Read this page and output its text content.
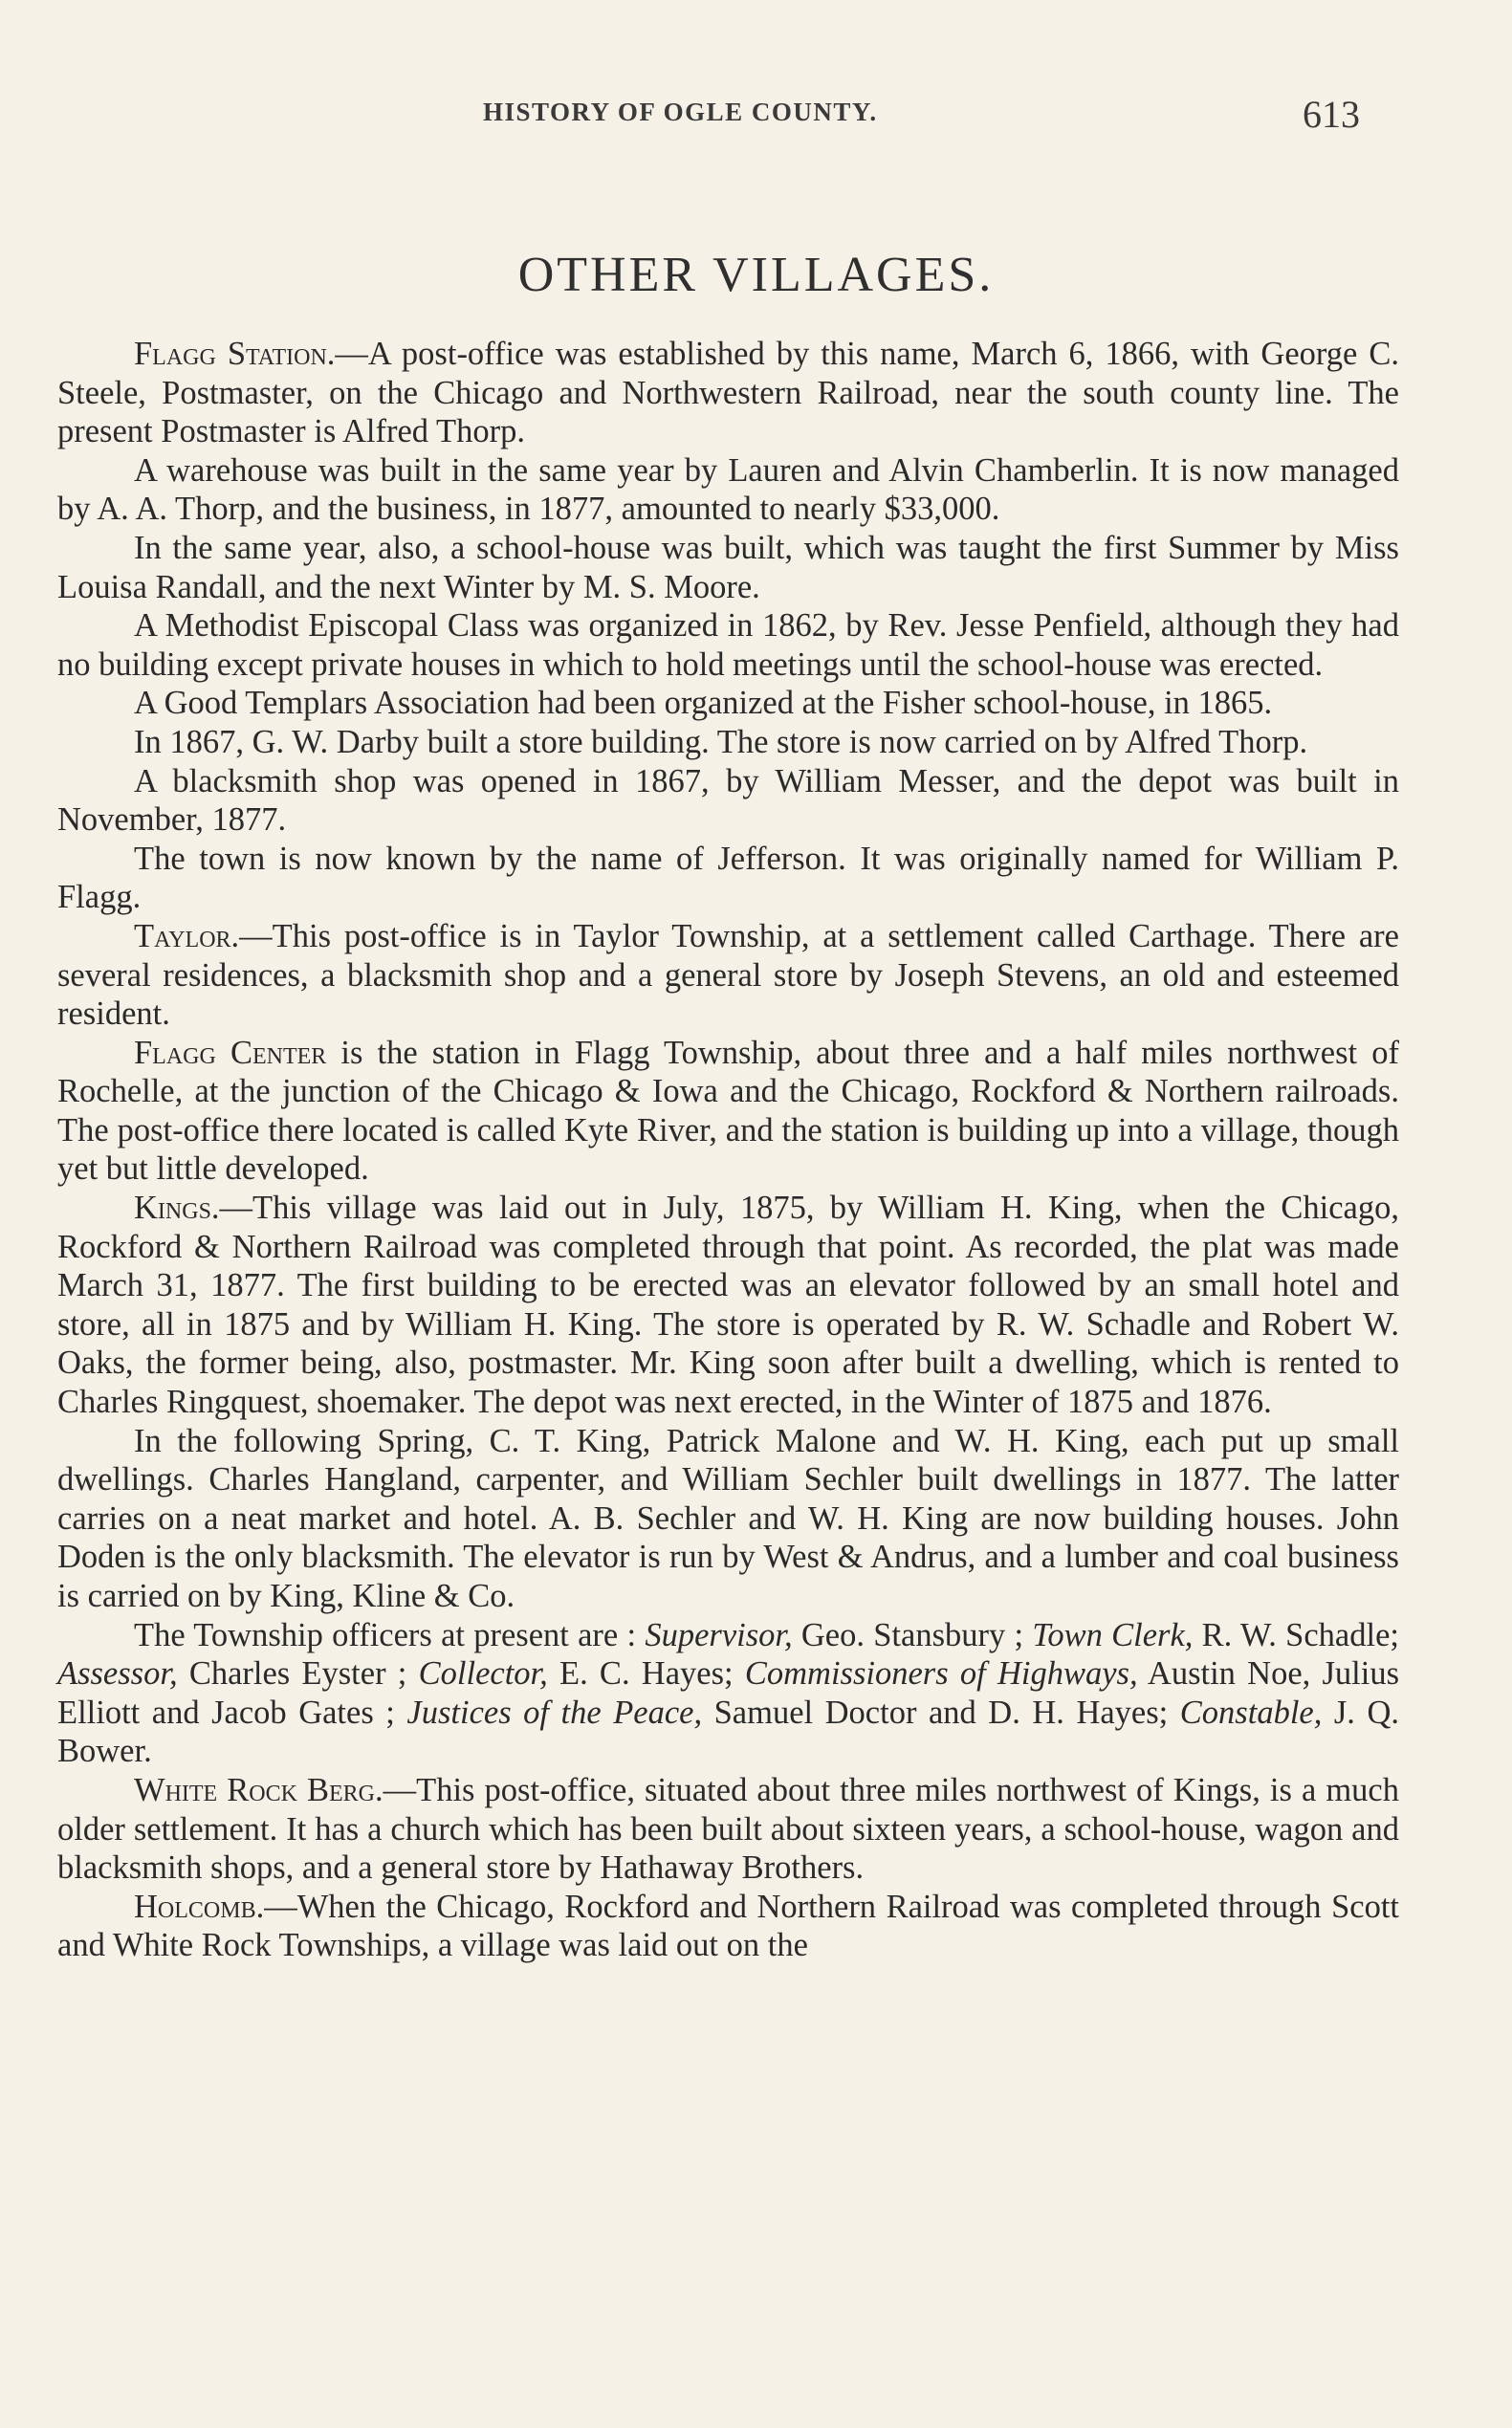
HISTORY OF OGLE COUNTY.	613
OTHER VILLAGES.

Flagg Station.—A post-office was established by this name, March 6, 1866, with George C. Steele, Postmaster, on the Chicago and Northwestern Railroad, near the south county line. The present Postmaster is Alfred Thorp.

A warehouse was built in the same year by Lauren and Alvin Chamberlin. It is now managed by A. A. Thorp, and the business, in 1877, amounted to nearly $33,000.

In the same year, also, a school-house was built, which was taught the first Summer by Miss Louisa Randall, and the next Winter by M. S. Moore.

A Methodist Episcopal Class was organized in 1862, by Rev. Jesse Penfield, although they had no building except private houses in which to hold meetings until the school-house was erected.

A Good Templars Association had been organized at the Fisher school-house, in 1865.

In 1867, G. W. Darby built a store building. The store is now carried on by Alfred Thorp.

A blacksmith shop was opened in 1867, by William Messer, and the depot was built in November, 1877.

The town is now known by the name of Jefferson. It was originally named for William P. Flagg.

Taylor.—This post-office is in Taylor Township, at a settlement called Carthage. There are several residences, a blacksmith shop and a general store by Joseph Stevens, an old and esteemed resident.

Flagg Center is the station in Flagg Township, about three and a half miles northwest of Rochelle, at the junction of the Chicago & Iowa and the Chicago, Rockford & Northern railroads. The post-office there located is called Kyte River, and the station is building up into a village, though yet but little developed.

Kings.—This village was laid out in July, 1875, by William H. King, when the Chicago, Rockford & Northern Railroad was completed through that point. As recorded, the plat was made March 31, 1877. The first building to be erected was an elevator followed by an small hotel and store, all in 1875 and by William H. King. The store is operated by R. W. Schadle and Robert W. Oaks, the former being, also, postmaster. Mr. King soon after built a dwelling, which is rented to Charles Ringquest, shoemaker. The depot was next erected, in the Winter of 1875 and 1876.

In the following Spring, C. T. King, Patrick Malone and W. H. King, each put up small dwellings. Charles Hangland, carpenter, and William Sechler built dwellings in 1877. The latter carries on a neat market and hotel. A. B. Sechler and W. H. King are now building houses. John Doden is the only blacksmith. The elevator is run by West & Andrus, and a lumber and coal business is carried on by King, Kline & Co.

The Township officers at present are : Supervisor, Geo. Stansbury ; Town Clerk, R. W. Schadle; Assessor, Charles Eyster ; Collector, E. C. Hayes; Commissioners of Highways, Austin Noe, Julius Elliott and Jacob Gates ; Justices of the Peace, Samuel Doctor and D. H. Hayes; Constable, J. Q. Bower.

White Rock Berg.—This post-office, situated about three miles northwest of Kings, is a much older settlement. It has a church which has been built about sixteen years, a school-house, wagon and blacksmith shops, and a general store by Hathaway Brothers.

Holcomb.—When the Chicago, Rockford and Northern Railroad was completed through Scott and White Rock Townships, a village was laid out on the
